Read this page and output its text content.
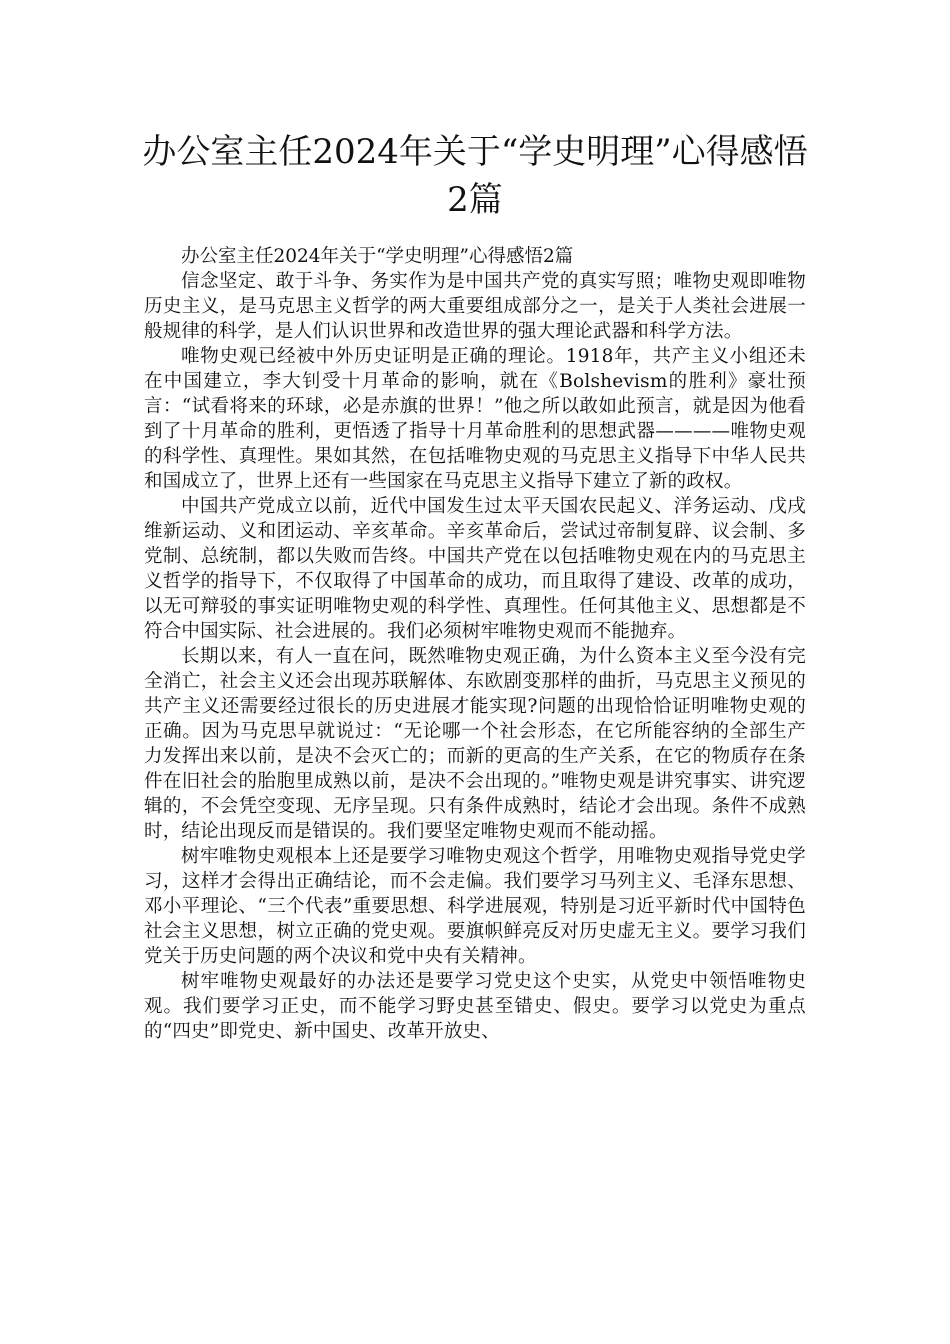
办公室主任2024年关于“学史明理”心得感悟2篇

办公室主任2024年关于“学史明理”心得感悟2篇

信念坚定、敢于斗争、务实作为是中国共产党的真实写照；唯物史观即唯物历史主义，是马克思主义哲学的两大重要组成部分之一，是关于人类社会进展一般规律的科学，是人们认识世界和改造世界的强大理论武器和科学方法。

唯物史观已经被中外历史证明是正确的理论。1918年，共产主义小组还未在中国建立，李大钊受十月革命的影响，就在《Bolshevism的胜利》豪壮预言：“试看将来的环球，必是赤旗的世界！”他之所以敢如此预言，就是因为他看到了十月革命的胜利，更悟透了指导十月革命胜利的思想武器————唯物史观的科学性、真理性。果如其然，在包括唯物史观的马克思主义指导下中华人民共和国成立了，世界上还有一些国家在马克思主义指导下建立了新的政权。

中国共产党成立以前，近代中国发生过太平天国农民起义、洋务运动、戊戌维新运动、义和团运动、辛亥革命。辛亥革命后，尝试过帝制复辟、议会制、多党制、总统制，都以失败而告终。中国共产党在以包括唯物史观在内的马克思主义哲学的指导下，不仅取得了中国革命的成功，而且取得了建设、改革的成功，以无可辩驳的事实证明唯物史观的科学性、真理性。任何其他主义、思想都是不符合中国实际、社会进展的。我们必须树牢唯物史观而不能抛弃。

长期以来，有人一直在问，既然唯物史观正确，为什么资本主义至今没有完全消亡，社会主义还会出现苏联解体、东欧剧变那样的曲折，马克思主义预见的共产主义还需要经过很长的历史进展才能实现?问题的出现恰恰证明唯物史观的正确。因为马克思早就说过：“无论哪一个社会形态，在它所能容纳的全部生产力发挥出来以前，是决不会灭亡的；而新的更高的生产关系，在它的物质存在条件在旧社会的胎胞里成熟以前，是决不会出现的。”唯物史观是讲究事实、讲究逻辑的，不会凭空变现、无序呈现。只有条件成熟时，结论才会出现。条件不成熟时，结论出现反而是错误的。我们要坚定唯物史观而不能动摇。

树牢唯物史观根本上还是要学习唯物史观这个哲学，用唯物史观指导党史学习，这样才会得出正确结论，而不会走偏。我们要学习马列主义、毛泽东思想、邓小平理论、“三个代表”重要思想、科学进展观，特别是习近平新时代中国特色社会主义思想，树立正确的党史观。要旗帜鲜亮反对历史虚无主义。要学习我们党关于历史问题的两个决议和党中央有关精神。

树牢唯物史观最好的办法还是要学习党史这个史实，从党史中领悟唯物史观。我们要学习正史，而不能学习野史甚至错史、假史。要学习以党史为重点的“四史”即党史、新中国史、改革开放史、
